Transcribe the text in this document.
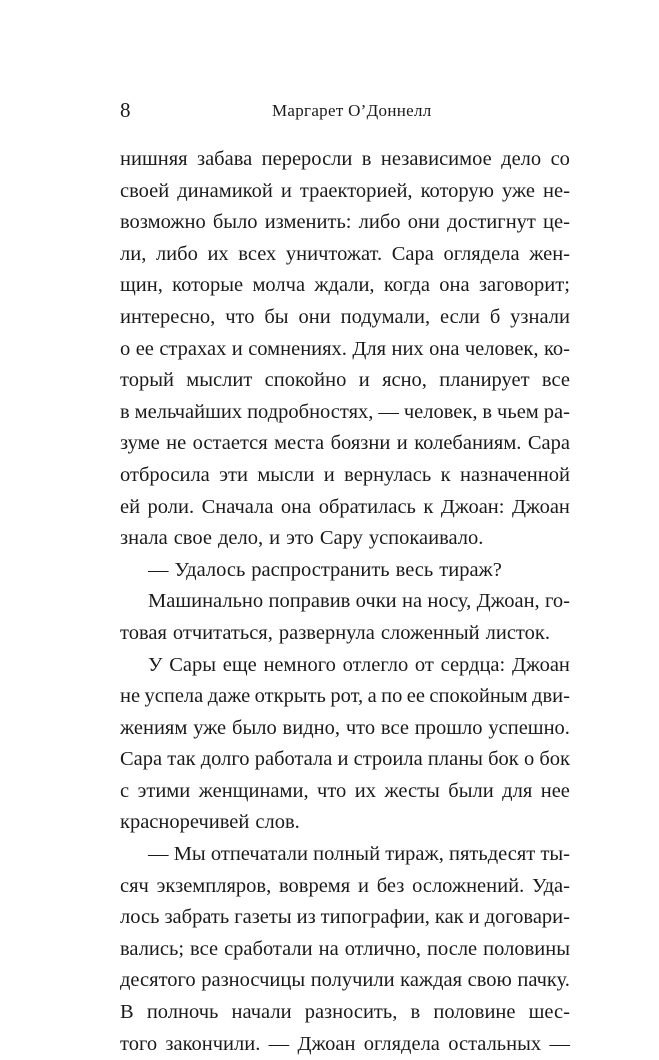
8	Маргарет О’Доннелл
нишняя забава переросли в независимое дело со
своей динамикой и траекторией, которую уже не-
возможно было изменить: либо они достигнут це-
ли, либо их всех уничтожат. Сара оглядела жен-
щин, которые молча ждали, когда она заговорит;
интересно, что бы они подумали, если б узнали
о ее страхах и сомнениях. Для них она человек, ко-
торый мыслит спокойно и ясно, планирует все
в мельчайших подробностях, — человек, в чьем ра-
зуме не остается места боязни и колебаниям. Сара
отбросила эти мысли и вернулась к назначенной
ей роли. Сначала она обратилась к Джоан: Джоан
знала свое дело, и это Сару успокаивало.
— Удалось распространить весь тираж?
Машинально поправив очки на носу, Джоан, го-
товая отчитаться, развернула сложенный листок.
У Сары еще немного отлегло от сердца: Джоан
не успела даже открыть рот, а по ее спокойным дви-
жениям уже было видно, что все прошло успешно.
Сара так долго работала и строила планы бок о бок
с этими женщинами, что их жесты были для нее
красноречивей слов.
— Мы отпечатали полный тираж, пятьдесят ты-
сяч экземпляров, вовремя и без осложнений. Уда-
лось забрать газеты из типографии, как и договари-
вались; все сработали на отлично, после половины
десятого разносчицы получили каждая свою пачку.
В полночь начали разносить, в половине шес-
того закончили. — Джоан оглядела остальных —
